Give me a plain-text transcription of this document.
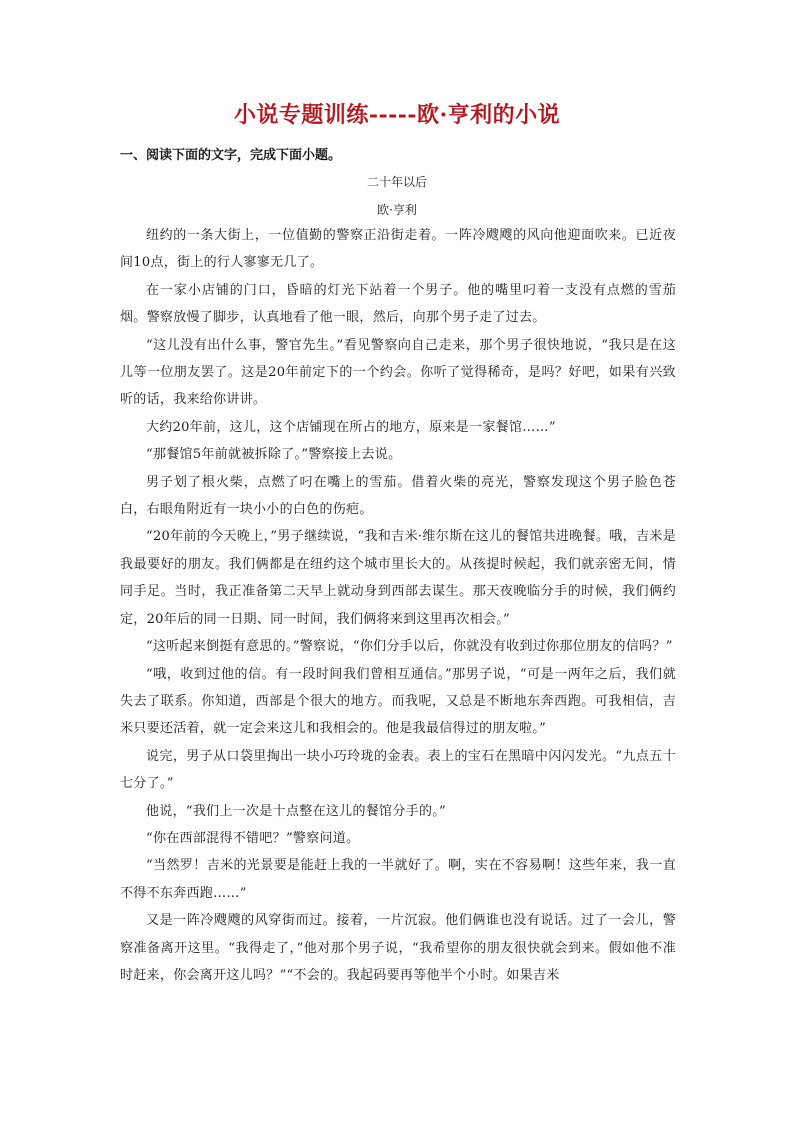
小说专题训练-----欧·亨利的小说
一、阅读下面的文字，完成下面小题。
二十年以后
欧·亨利

纽约的一条大街上，一位值勤的警察正沿街走着。一阵冷飕飕的风向他迎面吹来。已近夜间10点，街上的行人寥寥无几了。

在一家小店铺的门口，昏暗的灯光下站着一个男子。他的嘴里叼着一支没有点燃的雪茄烟。警察放慢了脚步，认真地看了他一眼，然后，向那个男子走了过去。

“这儿没有出什么事，警官先生。”看见警察向自己走来，那个男子很快地说，“我只是在这儿等一位朋友罢了。这是20年前定下的一个约会。你听了觉得稀奇，是吗？好吧，如果有兴致听的话，我来给你讲讲。

大约20年前，这儿，这个店铺现在所占的地方，原来是一家餐馆……”

“那餐馆5年前就被拆除了。”警察接上去说。

男子划了根火柴，点燃了叼在嘴上的雪茄。借着火柴的亮光，警察发现这个男子脸色苍白，右眼角附近有一块小小的白色的伤疤。

“20年前的今天晚上，”男子继续说，“我和吉米·维尔斯在这儿的餐馆共进晚餐。哦，吉米是我最要好的朋友。我们俩都是在纽约这个城市里长大的。从孩提时候起，我们就亲密无间，情同手足。当时，我正准备第二天早上就动身到西部去谋生。那天夜晚临分手的时候，我们俩约定，20年后的同一日期、同一时间，我们俩将来到这里再次相会。”

“这听起来倒挺有意思的。”警察说，“你们分手以后，你就没有收到过你那位朋友的信吗？”

“哦，收到过他的信。有一段时间我们曾相互通信。”那男子说，“可是一两年之后，我们就失去了联系。你知道，西部是个很大的地方。而我呢，又总是不断地东奔西跑。可我相信，吉米只要还活着，就一定会来这儿和我相会的。他是我最信得过的朋友啦。”

说完，男子从口袋里掏出一块小巧玲珑的金表。表上的宝石在黑暗中闪闪发光。“九点五十七分了。”

他说，“我们上一次是十点整在这儿的餐馆分手的。”

“你在西部混得不错吧？”警察问道。

“当然罗！吉米的光景要是能赶上我的一半就好了。啊，实在不容易啊！这些年来，我一直不得不东奔西跑……”

又是一阵冷飕飕的风穿街而过。接着，一片沉寂。他们俩谁也没有说话。过了一会儿，警察准备离开这里。“我得走了，”他对那个男子说，“我希望你的朋友很快就会到来。假如他不准时赶来，你会离开这儿吗？”“不会的。我起码要再等他半个小时。如果吉米
